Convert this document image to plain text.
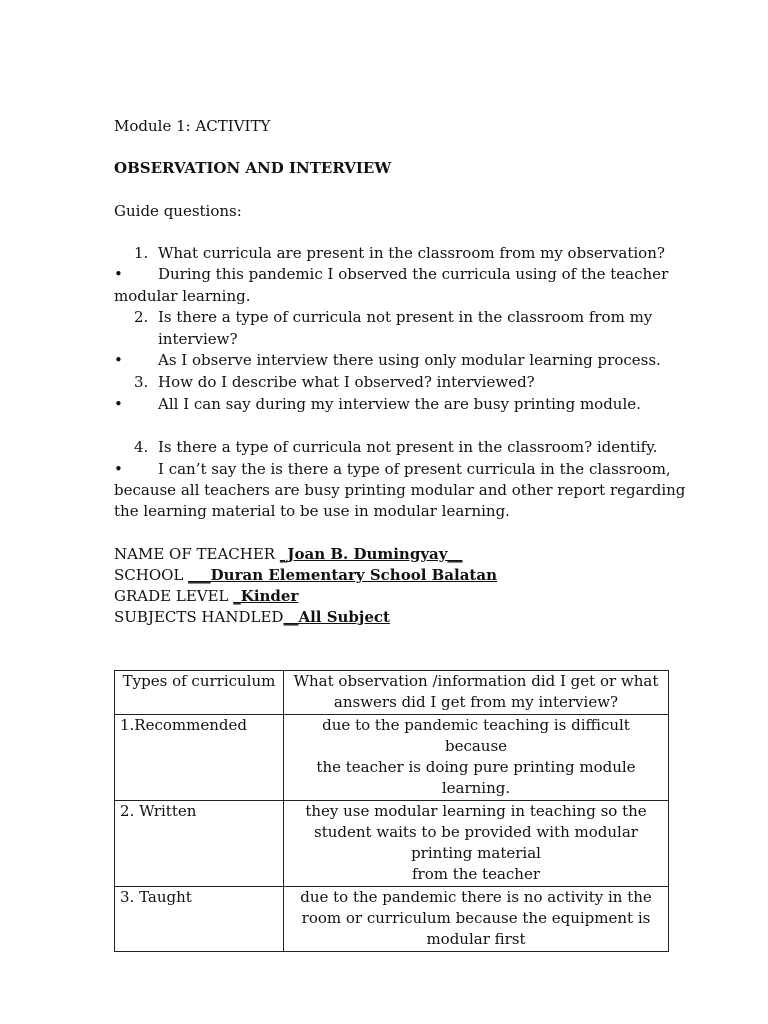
Module 1: ACTIVITY
OBSERVATION AND INTERVIEW
Guide questions:
1. What curricula are present in the classroom from my observation?
• During this pandemic I observed the curricula using of the teacher
modular learning.
2. Is there a type of curricula not present in the classroom from my
interview?
• As I observe interview there using only modular learning process.
3. How do I describe what I observed? interviewed?
• All I can say during my interview the are busy printing module.
4. Is there a type of curricula not present in the classroom? identify.
• I can’t say the is there a type of present curricula in the classroom,
because all teachers are busy printing modular and other report regarding
the learning material to be use in modular learning.
NAME OF TEACHER _Joan B. Dumingyay__
SCHOOL ___Duran Elementary School Balatan
GRADE LEVEL _Kinder
SUBJECTS HANDLED__All Subject
Types of curriculum	What observation /information did I get or what
answers did I get from my interview?

1.Recommended	due to the pandemic teaching is difficult because
the teacher is doing pure printing module
learning.

2. Written	they use modular learning in teaching so the
student waits to be provided with modular
printing material
from the teacher

3. Taught	due to the pandemic there is no activity in the
room or curriculum because the equipment is
modular first
